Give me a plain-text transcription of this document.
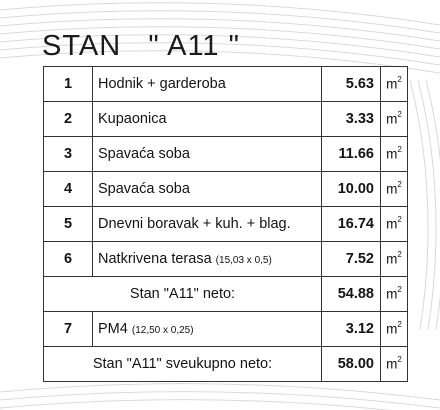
STAN   " A11 "
1	Hodnik + garderoba	5.63	$m^2$
2	Kupaonica	3.33	$m^2$
3	Spavaća soba	11.66	$m^2$
4	Spavaća soba	10.00	$m^2$
5	Dnevni boravak + kuh. + blag.	16.74	$m^2$
6	Natkrivena terasa (15,03 x 0,5)	7.52	$m^2$
Stan "A11" neto:		54.88	$m^2$
7	PM4 (12,50 x 0,25)	3.12	$m^2$
Stan "A11" sveukupno neto:		58.00	$m^2$
